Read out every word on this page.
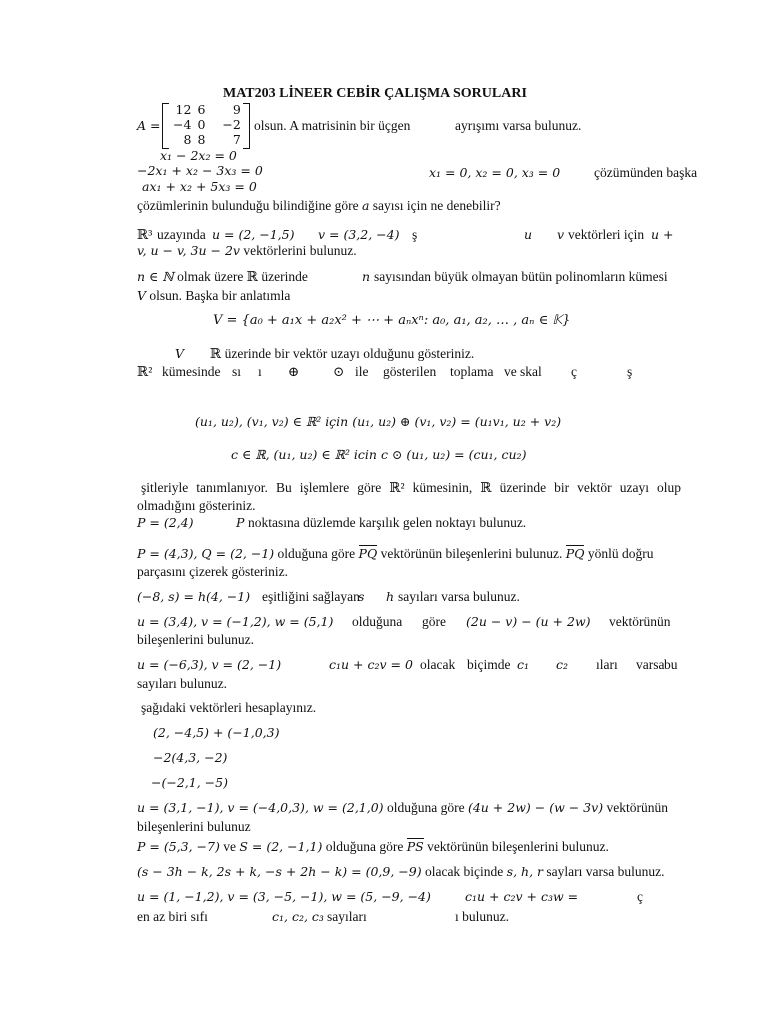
MAT203 LİNEER CEBİR ÇALIŞMA SORULARI
A =
12	6	9
−4	0	−2
8	8	7
olsun. A matrisinin bir üçgen	ayrışımı varsa bulunuz.
x₁ − 2x₂ = 0
−2x₁ + x₂ − 3x₃ = 0
ax₁ + x₂ + 5x₃ = 0
x₁ = 0, x₂ = 0, x₃ = 0	çözümünden başka
çözümlerinin bulunduğu bilindiğine göre a sayısı için ne denebilir?
ℝ³ uzayında u = (2, −1,5) v = (3,2, −4) ş	u v vektörleri için u +
v, u − v, 3u − 2v vektörlerini bulunuz.
n ∈ ℕ olmak üzere ℝ üzerinde	n sayısından büyük olmayan bütün polinomların kümesi
V olsun. Başka bir anlatımla
V = {a₀ + a₁x + a₂x² + ⋯ + aₙxⁿ: a₀, a₁, a₂, … , aₙ ∈ 𝕂}
V ℝ üzerinde bir vektör uzayı olduğunu gösteriniz.
ℝ² kümesinde sı ı ⊕ ⊙ ile gösterilen toplama ve skal ç	ş
(u₁, u₂), (v₁, v₂) ∈ ℝ² için (u₁, u₂) ⊕ (v₁, v₂) = (u₁v₁, u₂ + v₂)
c ∈ ℝ, (u₁, u₂) ∈ ℝ² icin c ⊙ (u₁, u₂) = (cu₁, cu₂)
şitleriyle tanımlanıyor. Bu işlemlere göre ℝ² kümesinin, ℝ üzerinde bir vektör uzayı olup
olmadığını gösteriniz.
P = (2,4)	P noktasına düzlemde karşılık gelen noktayı bulunuz.
P = (4,3), Q = (2, −1) olduğuna göre PQ vektörünün bileşenlerini bulunuz. PQ yönlü doğru
parçasını çizerek gösteriniz.
(−8, s) = h(4, −1) eşitliğini sağlayan
s h sayıları varsa bulunuz.
u = (3,4), v = (−1,2), w = (5,1) olduğuna göre (2u − v) − (u + 2w) vektörünün
bileşenlerini bulunuz.
u = (−6,3), v = (2, −1)	c₁u + c₂v = 0 olacak biçimde c₁ c₂ ıları varsa bu
sayıları bulunuz.
şağıdaki vektörleri hesaplayınız.
(2, −4,5) + (−1,0,3)
−2(4,3, −2)
−(−2,1, −5)
u = (3,1, −1), v = (−4,0,3), w = (2,1,0) olduğuna göre (4u + 2w) − (w − 3v) vektörünün
bileşenlerini bulunuz
P = (5,3, −7) ve S = (2, −1,1) olduğuna göre PS vektörünün bileşenlerini bulunuz.
(s − 3h − k, 2s + k, −s + 2h − k) = (0,9, −9) olacak biçinde s, h, r sayları varsa bulunuz.
u = (1, −1,2), v = (3, −5, −1), w = (5, −9, −4)	c₁u + c₂v + c₃w =	ç
en az biri sıfı	c₁, c₂, c₃ sayıları	ı bulunuz.
